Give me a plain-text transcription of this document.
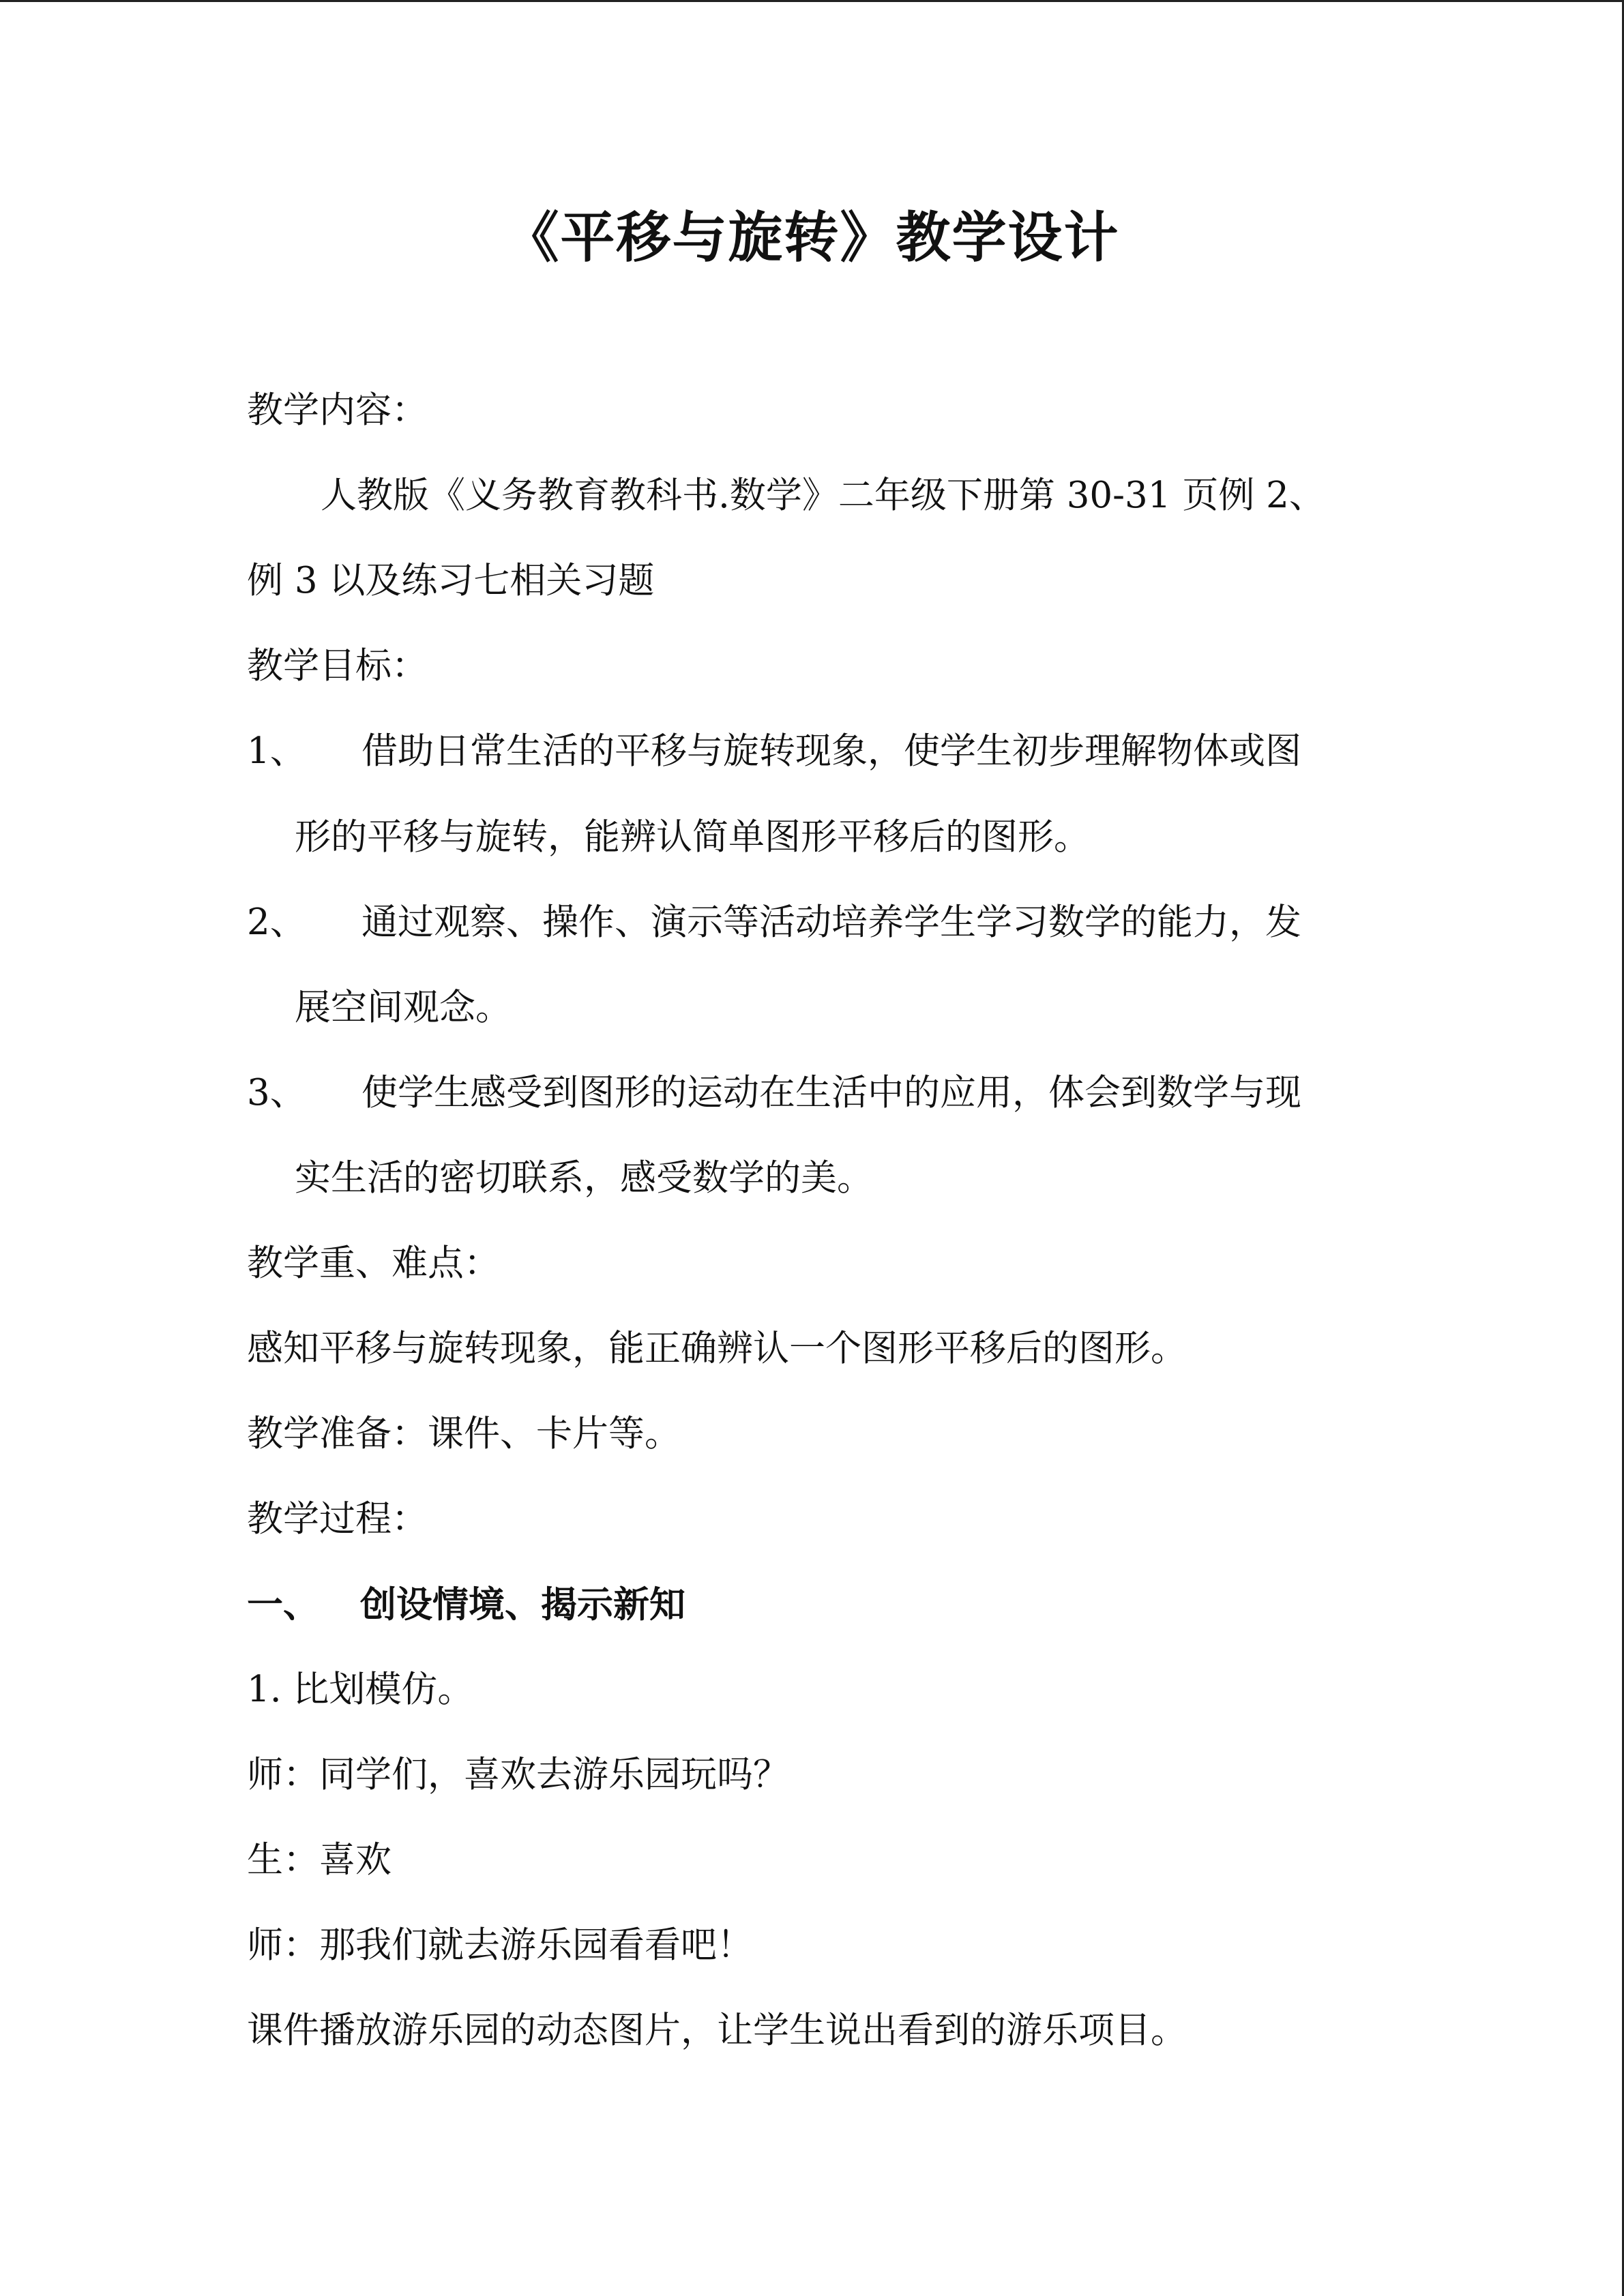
《平移与旋转》教学设计
教学内容：
人教版《义务教育教科书.数学》二年级下册第 30-31 页例 2、
例 3 以及练习七相关习题
教学目标：
1、 借助日常生活的平移与旋转现象，使学生初步理解物体或图
形的平移与旋转，能辨认简单图形平移后的图形。
2、 通过观察、操作、演示等活动培养学生学习数学的能力，发
展空间观念。
3、 使学生感受到图形的运动在生活中的应用，体会到数学与现
实生活的密切联系，感受数学的美。
教学重、难点：
感知平移与旋转现象，能正确辨认一个图形平移后的图形。
教学准备：课件、卡片等。
教学过程：
一、 创设情境、揭示新知
1. 比划模仿。
师：同学们，喜欢去游乐园玩吗？
生：喜欢
师：那我们就去游乐园看看吧！
课件播放游乐园的动态图片，让学生说出看到的游乐项目。
